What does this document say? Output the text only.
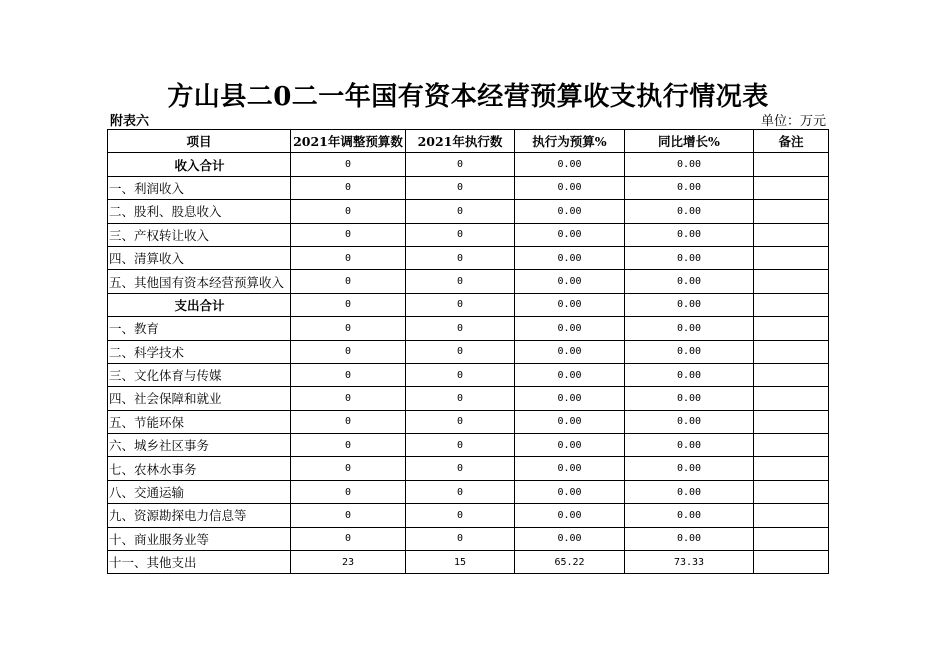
方山县二0二一年国有资本经营预算收支执行情况表
附表六	单位：万元
项目	2021年调整预算数	2021年执行数	执行为预算%	同比增长%	备注
收入合计	0	0	0.00	0.00	
一、利润收入	0	0	0.00	0.00	
二、股利、股息收入	0	0	0.00	0.00	
三、产权转让收入	0	0	0.00	0.00	
四、清算收入	0	0	0.00	0.00	
五、其他国有资本经营预算收入	0	0	0.00	0.00	
支出合计	0	0	0.00	0.00	
一、教育	0	0	0.00	0.00	
二、科学技术	0	0	0.00	0.00	
三、文化体育与传媒	0	0	0.00	0.00	
四、社会保障和就业	0	0	0.00	0.00	
五、节能环保	0	0	0.00	0.00	
六、城乡社区事务	0	0	0.00	0.00	
七、农林水事务	0	0	0.00	0.00	
八、交通运输	0	0	0.00	0.00	
九、资源勘探电力信息等	0	0	0.00	0.00	
十、商业服务业等	0	0	0.00	0.00	
十一、其他支出	23	15	65.22	73.33	
